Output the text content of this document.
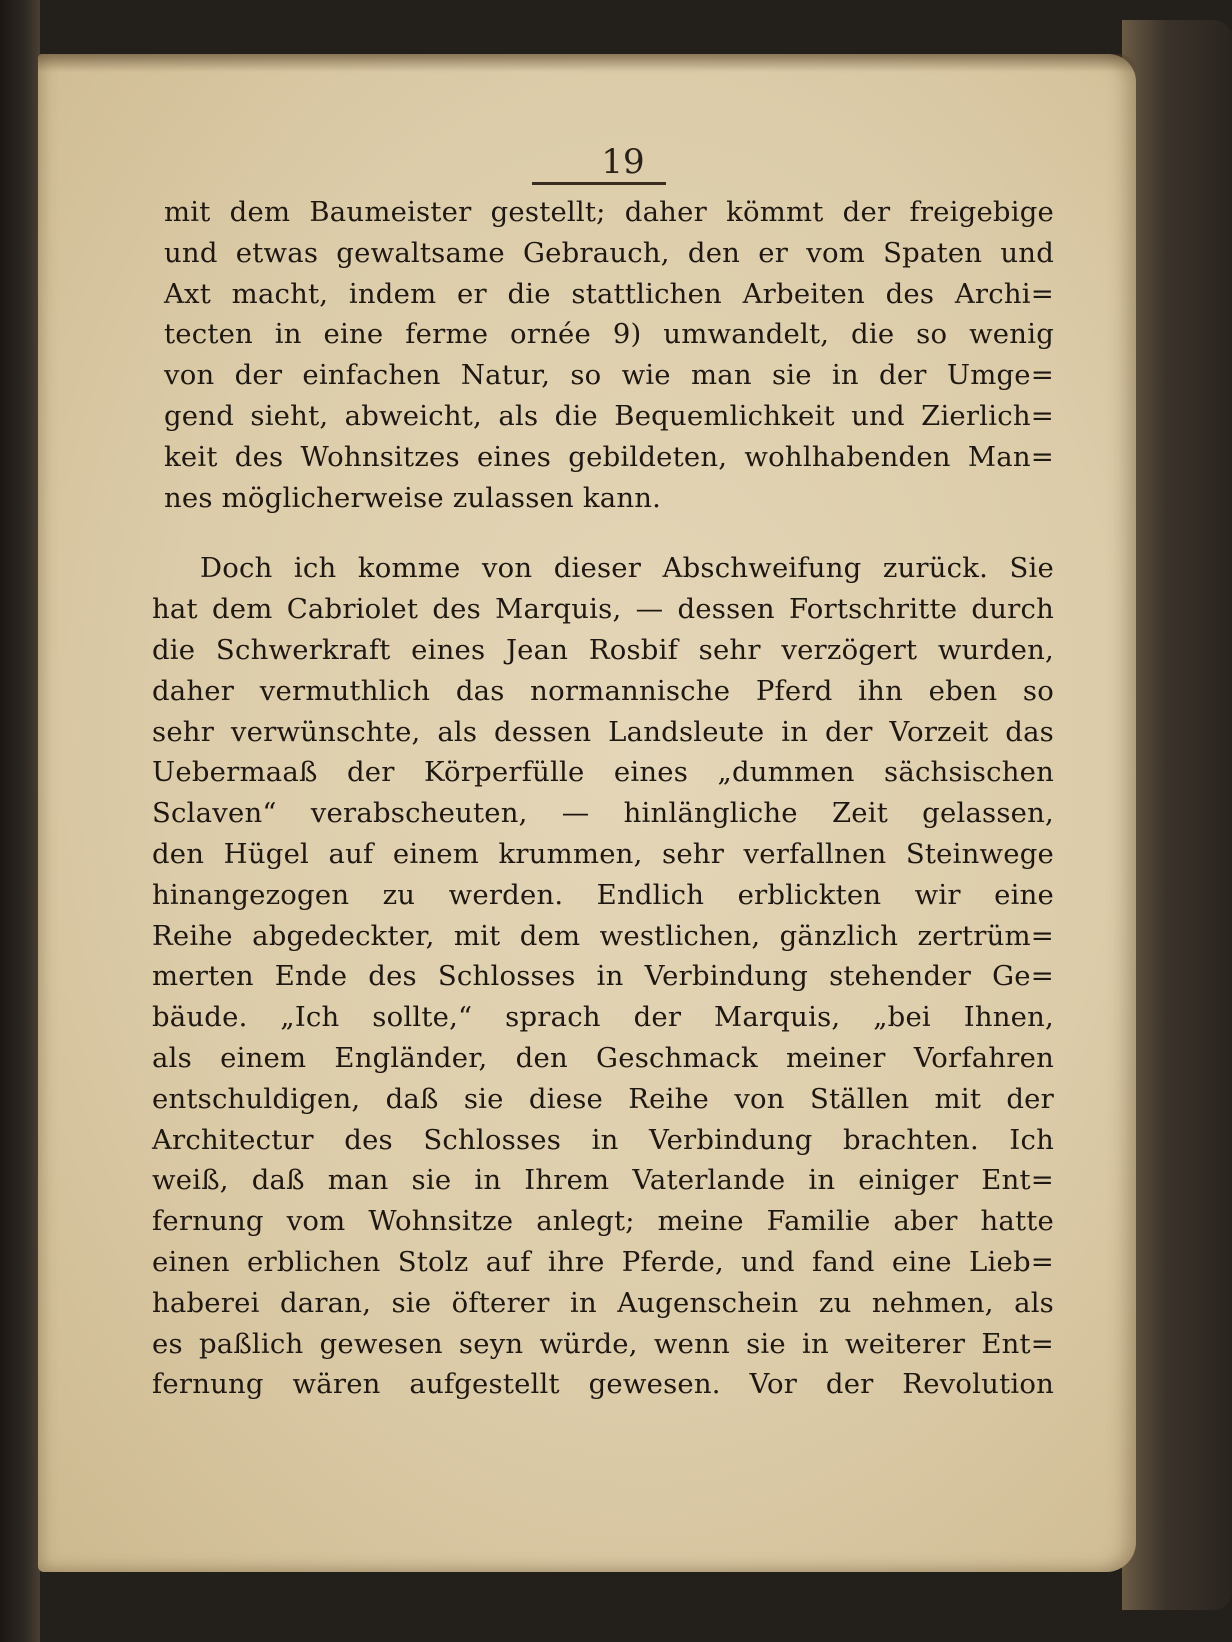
19
mit dem Baumeister gestellt; daher kömmt der freigebige
und etwas gewaltsame Gebrauch, den er vom Spaten und
Axt macht, indem er die stattlichen Arbeiten des Archi=
tecten in eine ferme ornée 9) umwandelt, die so wenig
von der einfachen Natur, so wie man sie in der Umge=
gend sieht, abweicht, als die Bequemlichkeit und Zierlich=
keit des Wohnsitzes eines gebildeten, wohlhabenden Man=
nes möglicherweise zulassen kann.
Doch ich komme von dieser Abschweifung zurück. Sie
hat dem Cabriolet des Marquis, — dessen Fortschritte durch
die Schwerkraft eines Jean Rosbif sehr verzögert wurden,
daher vermuthlich das normannische Pferd ihn eben so
sehr verwünschte, als dessen Landsleute in der Vorzeit das
Uebermaaß der Körperfülle eines „dummen sächsischen
Sclaven“ verabscheuten, — hinlängliche Zeit gelassen,
den Hügel auf einem krummen, sehr verfallnen Steinwege
hinangezogen zu werden. Endlich erblickten wir eine
Reihe abgedeckter, mit dem westlichen, gänzlich zertrüm=
merten Ende des Schlosses in Verbindung stehender Ge=
bäude. „Ich sollte,“ sprach der Marquis, „bei Ihnen,
als einem Engländer, den Geschmack meiner Vorfahren
entschuldigen, daß sie diese Reihe von Ställen mit der
Architectur des Schlosses in Verbindung brachten. Ich
weiß, daß man sie in Ihrem Vaterlande in einiger Ent=
fernung vom Wohnsitze anlegt; meine Familie aber hatte
einen erblichen Stolz auf ihre Pferde, und fand eine Lieb=
haberei daran, sie öfterer in Augenschein zu nehmen, als
es paßlich gewesen seyn würde, wenn sie in weiterer Ent=
fernung wären aufgestellt gewesen. Vor der Revolution
